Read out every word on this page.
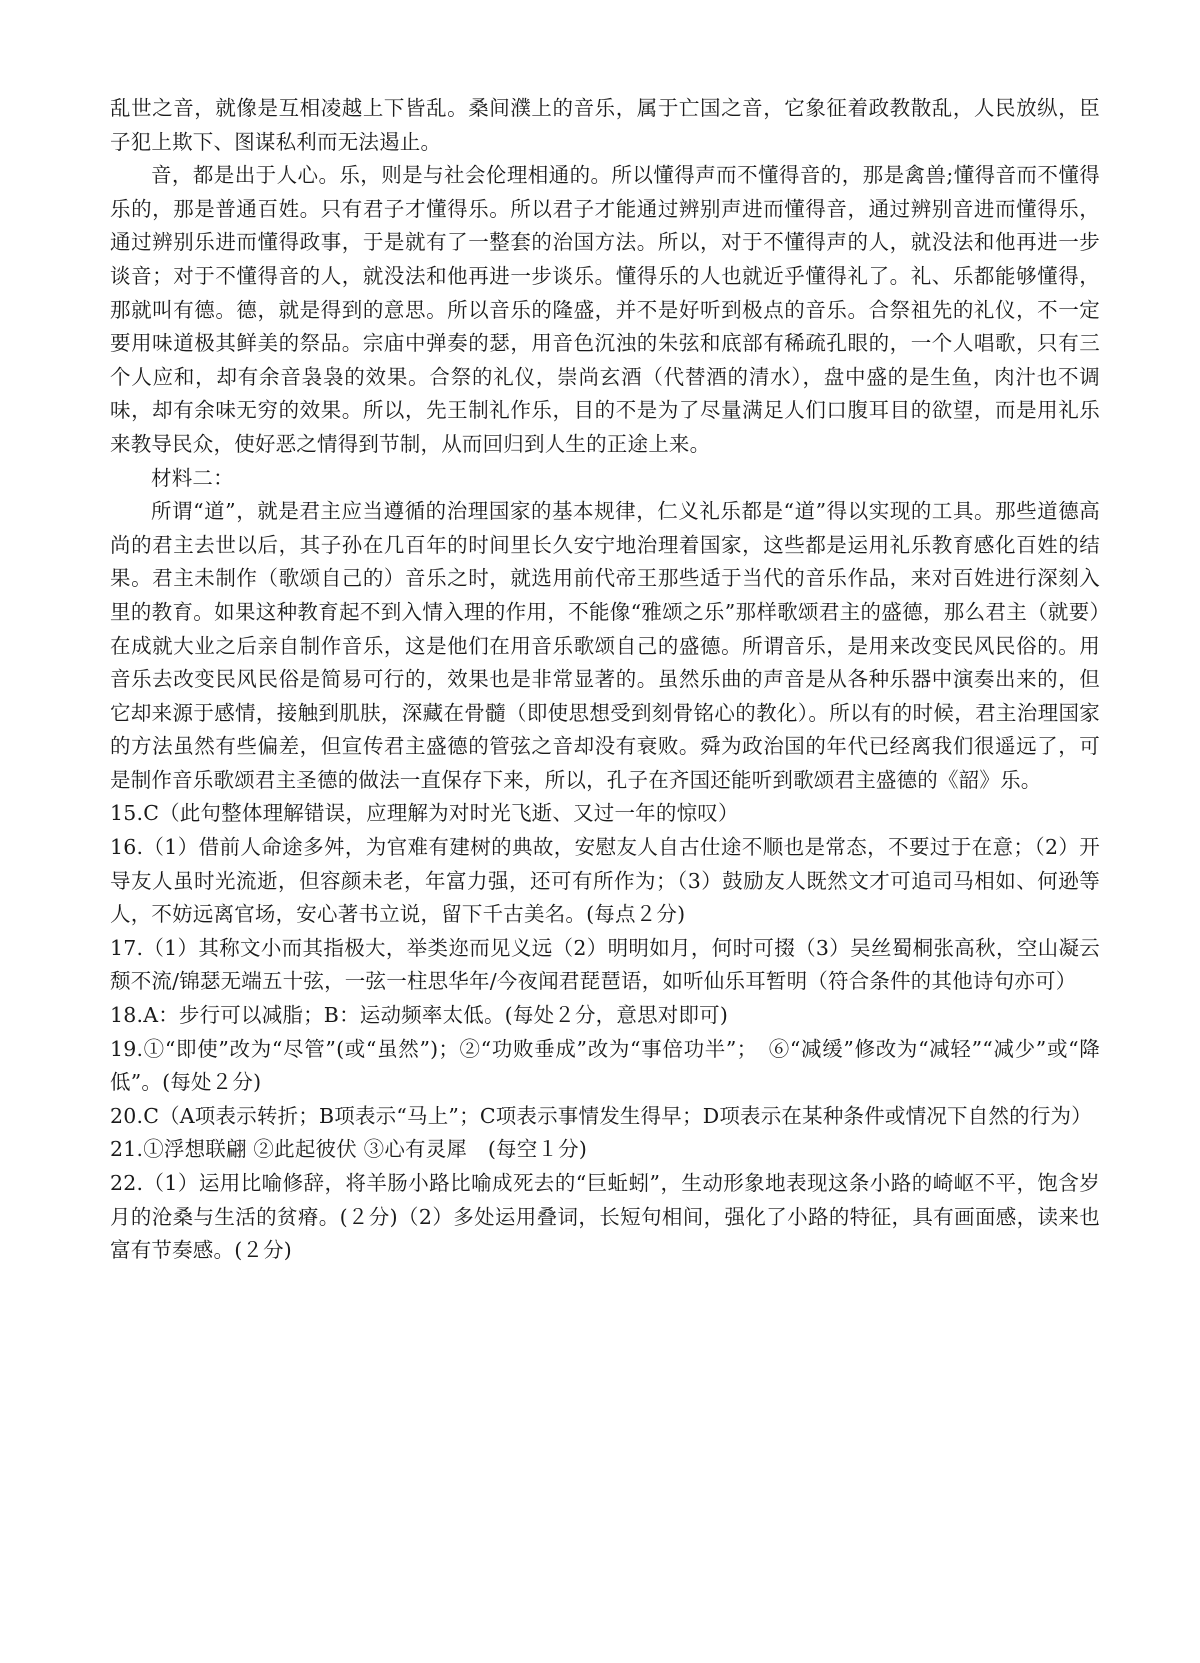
乱世之音，就像是互相凌越上下皆乱。桑间濮上的音乐，属于亡国之音，它象征着政教散乱，人民放纵，臣子犯上欺下、图谋私利而无法遏止。

音，都是出于人心。乐，则是与社会伦理相通的。所以懂得声而不懂得音的，那是禽兽;懂得音而不懂得乐的，那是普通百姓。只有君子才懂得乐。所以君子才能通过辨别声进而懂得音，通过辨别音进而懂得乐，通过辨别乐进而懂得政事，于是就有了一整套的治国方法。所以，对于不懂得声的人，就没法和他再进一步谈音；对于不懂得音的人，就没法和他再进一步谈乐。懂得乐的人也就近乎懂得礼了。礼、乐都能够懂得，那就叫有德。德，就是得到的意思。所以音乐的隆盛，并不是好听到极点的音乐。合祭祖先的礼仪，不一定要用味道极其鲜美的祭品。宗庙中弹奏的瑟，用音色沉浊的朱弦和底部有稀疏孔眼的，一个人唱歌，只有三个人应和，却有余音袅袅的效果。合祭的礼仪，崇尚玄酒（代替酒的清水），盘中盛的是生鱼，肉汁也不调味，却有余味无穷的效果。所以，先王制礼作乐，目的不是为了尽量满足人们口腹耳目的欲望，而是用礼乐来教导民众，使好恶之情得到节制，从而回归到人生的正途上来。

材料二：

所谓“道”，就是君主应当遵循的治理国家的基本规律，仁义礼乐都是“道”得以实现的工具。那些道德高尚的君主去世以后，其子孙在几百年的时间里长久安宁地治理着国家，这些都是运用礼乐教育感化百姓的结果。君主未制作（歌颂自己的）音乐之时，就选用前代帝王那些适于当代的音乐作品，来对百姓进行深刻入里的教育。如果这种教育起不到入情入理的作用，不能像“雅颂之乐”那样歌颂君主的盛德，那么君主（就要）在成就大业之后亲自制作音乐，这是他们在用音乐歌颂自己的盛德。所谓音乐，是用来改变民风民俗的。用音乐去改变民风民俗是简易可行的，效果也是非常显著的。虽然乐曲的声音是从各种乐器中演奏出来的，但它却来源于感情，接触到肌肤，深藏在骨髓（即使思想受到刻骨铭心的教化）。所以有的时候，君主治理国家的方法虽然有些偏差，但宣传君主盛德的管弦之音却没有衰败。舜为政治国的年代已经离我们很遥远了，可是制作音乐歌颂君主圣德的做法一直保存下来，所以，孔子在齐国还能听到歌颂君主盛德的《韶》乐。

15.C（此句整体理解错误，应理解为对时光飞逝、又过一年的惊叹）

16.（1）借前人命途多舛，为官难有建树的典故，安慰友人自古仕途不顺也是常态，不要过于在意；（2）开导友人虽时光流逝，但容颜未老，年富力强，还可有所作为；（3）鼓励友人既然文才可追司马相如、何逊等人，不妨远离官场，安心著书立说，留下千古美名。(每点２分)

17.（1）其称文小而其指极大，举类迩而见义远（2）明明如月，何时可掇（3）吴丝蜀桐张高秋，空山凝云颓不流/锦瑟无端五十弦，一弦一柱思华年/今夜闻君琵琶语，如听仙乐耳暂明（符合条件的其他诗句亦可）

18.A：步行可以减脂；B：运动频率太低。(每处２分，意思对即可)

19.①“即使”改为“尽管”(或“虽然”)；②“功败垂成”改为“事倍功半”；　⑥“减缓”修改为“减轻”“减少”或“降低”。(每处２分)

20.C（A项表示转折；B项表示“马上”；C项表示事情发生得早；D项表示在某种条件或情况下自然的行为）

21.①浮想联翩 ②此起彼伏 ③心有灵犀　(每空１分)

22.（1）运用比喻修辞，将羊肠小路比喻成死去的“巨蚯蚓”，生动形象地表现这条小路的崎岖不平，饱含岁月的沧桑与生活的贫瘠。(２分)（2）多处运用叠词，长短句相间，强化了小路的特征，具有画面感，读来也富有节奏感。(２分)
